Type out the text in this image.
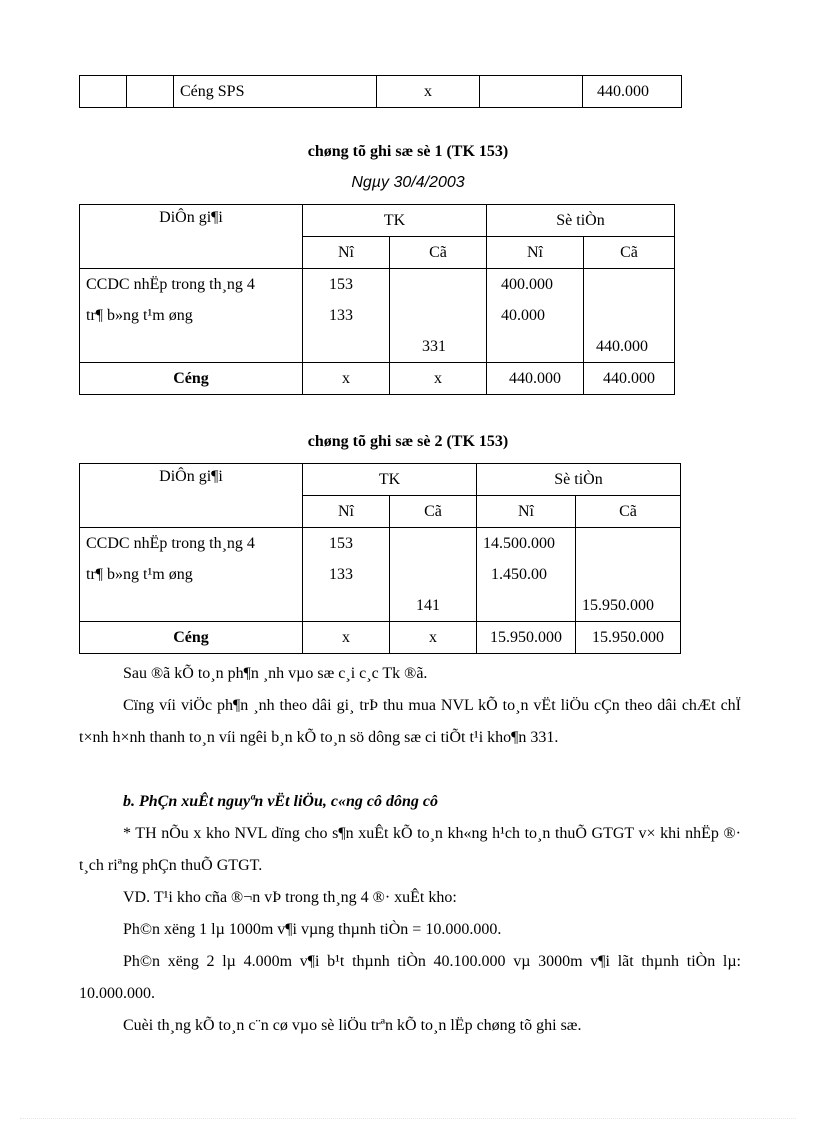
		Céng SPS	x		440.000
chøng tõ ghi sæ sè 1 (TK 153)
Ngµy 30/4/2003
DiÔn gi¶i	TK		Sè tiÒn	
	Nî	Cã	Nî	Cã
CCDC nhËp trong th¸ng 4	153		400.000	
tr¶ b»ng t¹m øng	133		40.000	
		331		440.000
Céng	x	x	440.000	440.000
chøng tõ ghi sæ sè 2 (TK 153)
DiÔn gi¶i	TK		Sè tiÒn	
	Nî	Cã	Nî	Cã
CCDC nhËp trong th¸ng 4	153		14.500.000	
tr¶ b»ng t¹m øng	133		1.450.00	
		141		15.950.000
Céng	x	x	15.950.000	15.950.000
Sau ®ã kÕ to¸n ph¶n ¸nh vµo sæ c¸i c¸c Tk ®ã.
Cïng víi viÖc ph¶n ¸nh theo dâi gi¸ trÞ thu mua NVL kÕ to¸n vËt liÖu cÇn theo dâi chÆt chÏ t×nh h×nh thanh to¸n víi ngêi b¸n kÕ to¸n sö dông sæ ci tiÕt t¹i kho¶n 331.
b. PhÇn xuÊt nguyªn vËt liÖu, c«ng cô dông cô
* TH nÕu x kho NVL dïng cho s¶n xuÊt kÕ to¸n kh«ng h¹ch to¸n thuÕ GTGT v× khi nhËp ®· t¸ch riªng phÇn thuÕ GTGT.
VD. T¹i kho cña ®¬n vÞ trong th¸ng 4 ®· xuÊt kho:
Ph©n xëng 1 lµ 1000m v¶i vµng thµnh tiÒn = 10.000.000.
Ph©n xëng 2 lµ 4.000m v¶i b¹t thµnh tiÒn 40.100.000 vµ 3000m v¶i lãt thµnh tiÒn lµ: 10.000.000.
Cuèi th¸ng kÕ to¸n c¨n cø vµo sè liÖu trªn kÕ to¸n lËp chøng tõ ghi sæ.
